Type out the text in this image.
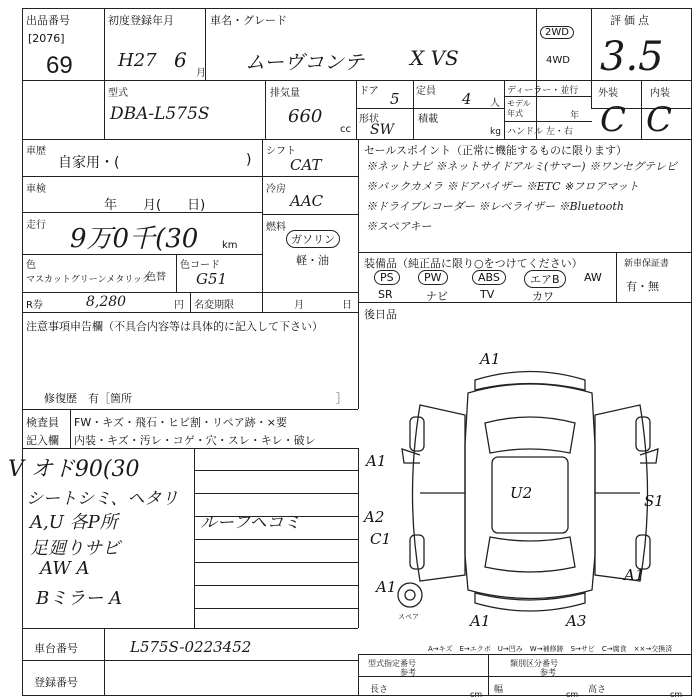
出品番号
[2076]
69
初度登録年月
H27 6
月
車名・グレード
ムーヴコンテ X VS
2WD
4WD
評価点
3.5
型式
DBA-L575S
排気量
660
cc
ドア 5 定員 4 人
形状
SW
積載
kg
ディーラー・並行
モデル年式	年
ハンドル 左・右
外装	内装
C C
車歴
自家用・(	)
シフト
CAT
車検
年　　月(　　日)
冷房
AAC
走行 9万0千(30 km
燃料
ガソリン
軽・油
色
マスカットグリーンメタリック
色替
色コード
G51
R券	8,280	円 名変期限	月	日
セールスポイント（正常に機能するものに限ります）
※ネットナビ ※ネットサイドアルミ(サマー) ※ワンセグテレビ
※バックカメラ ※ドアバイザー ※ETC ※フロアマット
※ドライブレコーダー ※レベライザー ※Bluetooth
※スペアキー
装備品（純正品に限り○をつけてください）	新車保証書
PS	PW	ABS	エアB	AW
SR	ナビ	TV	カワ
有・無
後日品
注意事項申告欄（不具合内容等は具体的に記入して下さい）
修復歴　有［箇所	］
検査員
記入欄
FW・キズ・飛石・ヒビ割・リペア跡・×要
内装・キズ・汚レ・コゲ・穴・スレ・キレ・破レ
V オド90(30
シートシミ、ヘタリ
A,U 各P所
足廻りサビ
AW A
Bミラー A
ルーフヘコミ
A1
A1
U2	S1
A2
C1
A1
A1
A1
A3
スペア
A→キズ　E→エクボ　U→凹み　W→補修跡　S→サビ　C→腐食　××→交換済
車台番号	L575S-0223452
登録番号
型式指定番号
参考
類別区分番号
参考
長さ	cm 幅	cm 高さ	cm
